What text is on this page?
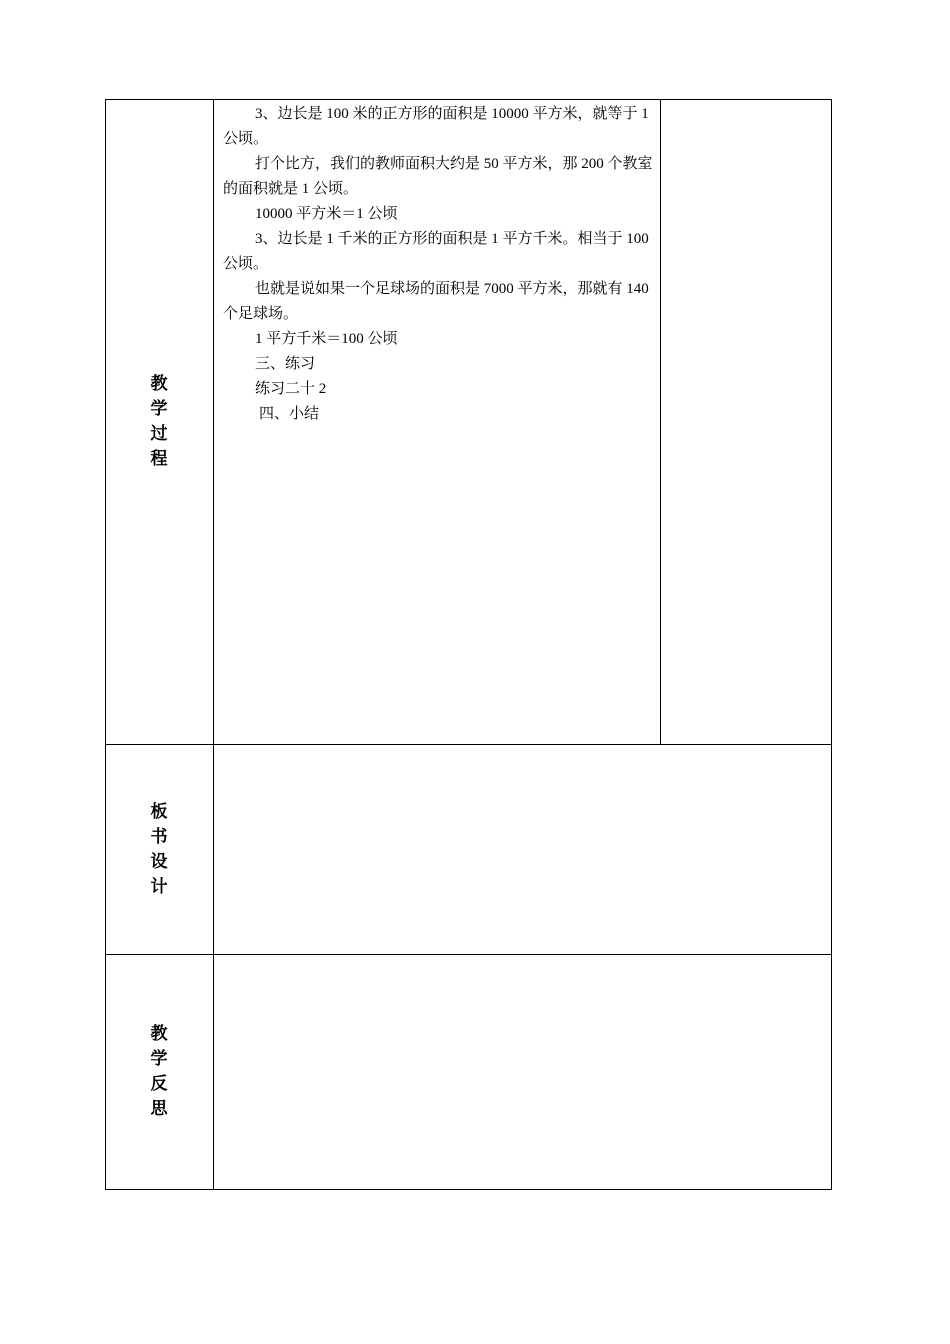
教
学
过
程

3、边长是 100 米的正方形的面积是 10000 平方米，就等于 1 公顷。

打个比方，我们的教师面积大约是 50 平方米，那 200 个教室的面积就是 1 公顷。

10000 平方米＝1 公顷

3、边长是 1 千米的正方形的面积是 1 平方千米。相当于 100 公顷。

也就是说如果一个足球场的面积是 7000 平方米，那就有 140 个足球场。

1 平方千米＝100 公顷

三、练习

练习二十 2

四、小结

板
书
设
计
教
学
反
思
